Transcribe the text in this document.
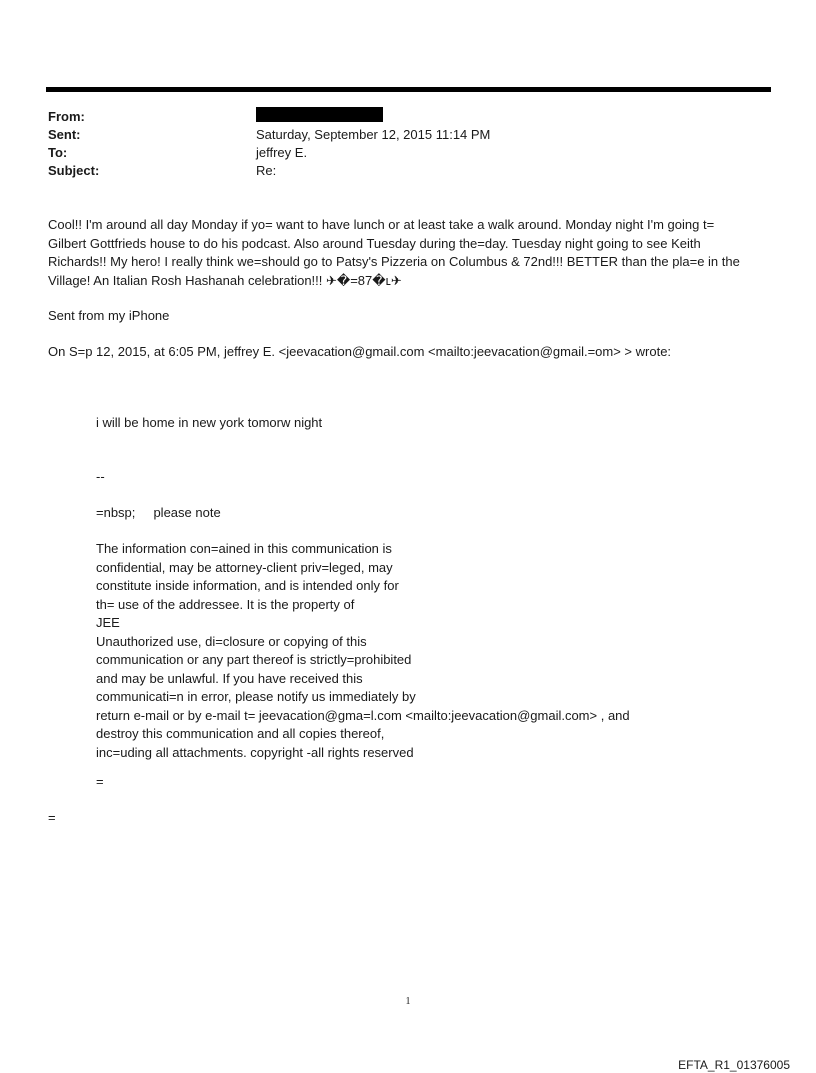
From:
Sent:	Saturday, September 12, 2015 11:14 PM
To:	jeffrey E.
Subject:	Re:
Cool!! I'm around all day Monday if yo= want to have lunch or at least take a walk around. Monday night I'm going t=
Gilbert Gottfrieds house to do his podcast. Also around Tuesday during the=day. Tuesday night going to see Keith
Richards!! My hero! I really think we=should go to Patsy's Pizzeria on Columbus & 72nd!!! BETTER than the pla=e in the
Village! An Italian Rosh Hashanah celebration!!! ✈�=87�ʟ✈
Sent from my iPhone
On S=p 12, 2015, at 6:05 PM, jeffrey E. <jeevacation@gmail.com <mailto:jeevacation@gmail.=om> > wrote:
i will be home in new york tomorw night
--
=nbsp;     please note
The information con=ained in this communication is
confidential, may be attorney-client priv=leged, may
constitute inside information, and is intended only for
th= use of the addressee. It is the property of
JEE
Unauthorized use, di=closure or copying of this
communication or any part thereof is strictly=prohibited
and may be unlawful. If you have received this
communicati=n in error, please notify us immediately by
return e-mail or by e-mail t= jeevacation@gma=l.com <mailto:jeevacation@gmail.com> , and
destroy this communication and all copies thereof,
inc=uding all attachments. copyright -all rights reserved
=
=
1
EFTA_R1_01376005
